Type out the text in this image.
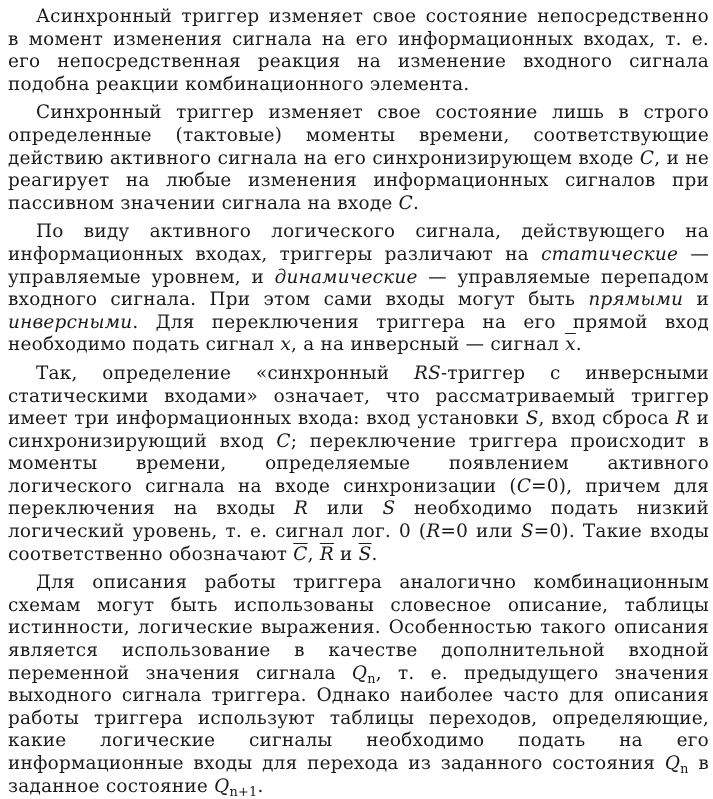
Асинхронный триггер изменяет свое состояние непосредственно в момент изменения сигнала на его информационных входах, т. е. его непосредственная реакция на изменение входного сигнала подобна реакции комбинационного элемента.

Синхронный триггер изменяет свое состояние лишь в строго определенные (тактовые) моменты времени, соответствующие действию активного сигнала на его синхронизирующем входе C, и не реагирует на любые изменения информационных сигналов при пассивном значении сигнала на входе C.

По виду активного логического сигнала, действующего на информационных входах, триггеры различают на статические — управляемые уровнем, и динамические — управляемые перепадом входного сигнала. При этом сами входы могут быть прямыми и инверсными. Для переключения триггера на его прямой вход необходимо подать сигнал x, а на инверсный — сигнал $\overline{x}$.

Так, определение «синхронный RS-триггер с инверсными статическими входами» означает, что рассматриваемый триггер имеет три информационных входа: вход установки S, вход сброса R и синхронизирующий вход C; переключение триггера происходит в моменты времени, определяемые появлением активного логического сигнала на входе синхронизации (C=0), причем для переключения на входы R или S необходимо подать низкий логический уровень, т. е. сигнал лог. 0 (R=0 или S=0). Такие входы соответственно обозначают $\overline{C}$, $\overline{R}$ и $\overline{S}$.

Для описания работы триггера аналогично комбинационным схемам могут быть использованы словесное описание, таблицы истинности, логические выражения. Особенностью такого описания является использование в качестве дополнительной входной переменной значения сигнала $Q_n$, т. е. предыдущего значения выходного сигнала триггера. Однако наиболее часто для описания работы триггера используют таблицы переходов, определяющие, какие логические сигналы необходимо подать на его информационные входы для перехода из заданного состояния $Q_n$ в заданное состояние $Q_{n+1}$.
